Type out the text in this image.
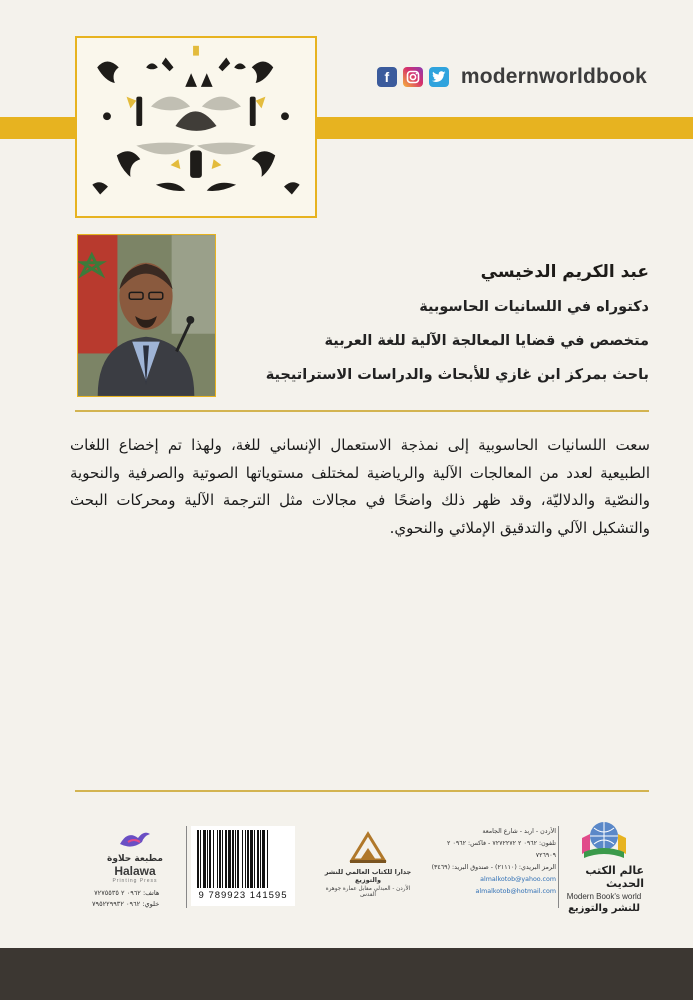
f	modernworldbook
عبد الكريم الدخيسي
دكتوراه في اللسانيات الحاسوبية
متخصص في قضايا المعالجة الآلية للغة العربية
باحث بمركز ابن غازي للأبحاث والدراسات الاستراتيجية
سعت اللسانيات الحاسوبية إلى نمذجة الاستعمال الإنساني للغة، ولهذا تم إخضاع اللغات الطبيعية لعدد من المعالجات الآلية والرياضية لمختلف مستوياتها الصوتية والصرفية والنحوية والنصّية والدلاليّة، وقد ظهر ذلك واضحًا في مجالات مثل الترجمة الآلية ومحركات البحث والتشكيل الآلي والتدقيق الإملائي والنحوي.
عالم الكتب الحديث
Modern Book's world
للنشر والتوزيع
الأردن - اربد - شارع الجامعة
تلفون: ٠٩٦٢ ٢ ٧٢٧٢٢٧٢ - فاكس: ٠٩٦٢ ٢ ٧٢٦٩٠٩
الرمز البريدي: (٢١١١٠) - صندوق البريد: (٣٤٦٩)
almalkotob@yahoo.com
almalkotob@hotmail.com
جدارا للكتاب العالمي للنشر والتوزيع
الأردن - العبدلي مقابل عمارة جوهرة القدس
9 789923 141595
مطبعة حلاوة
Halawa
Printing Press
هاتف: ٠٩٦٢ ٢ ٧٢٧٥٥٣٥
خلوي: ٠٩٦٢ ٧٩٥٢٢٩٩٣٢
